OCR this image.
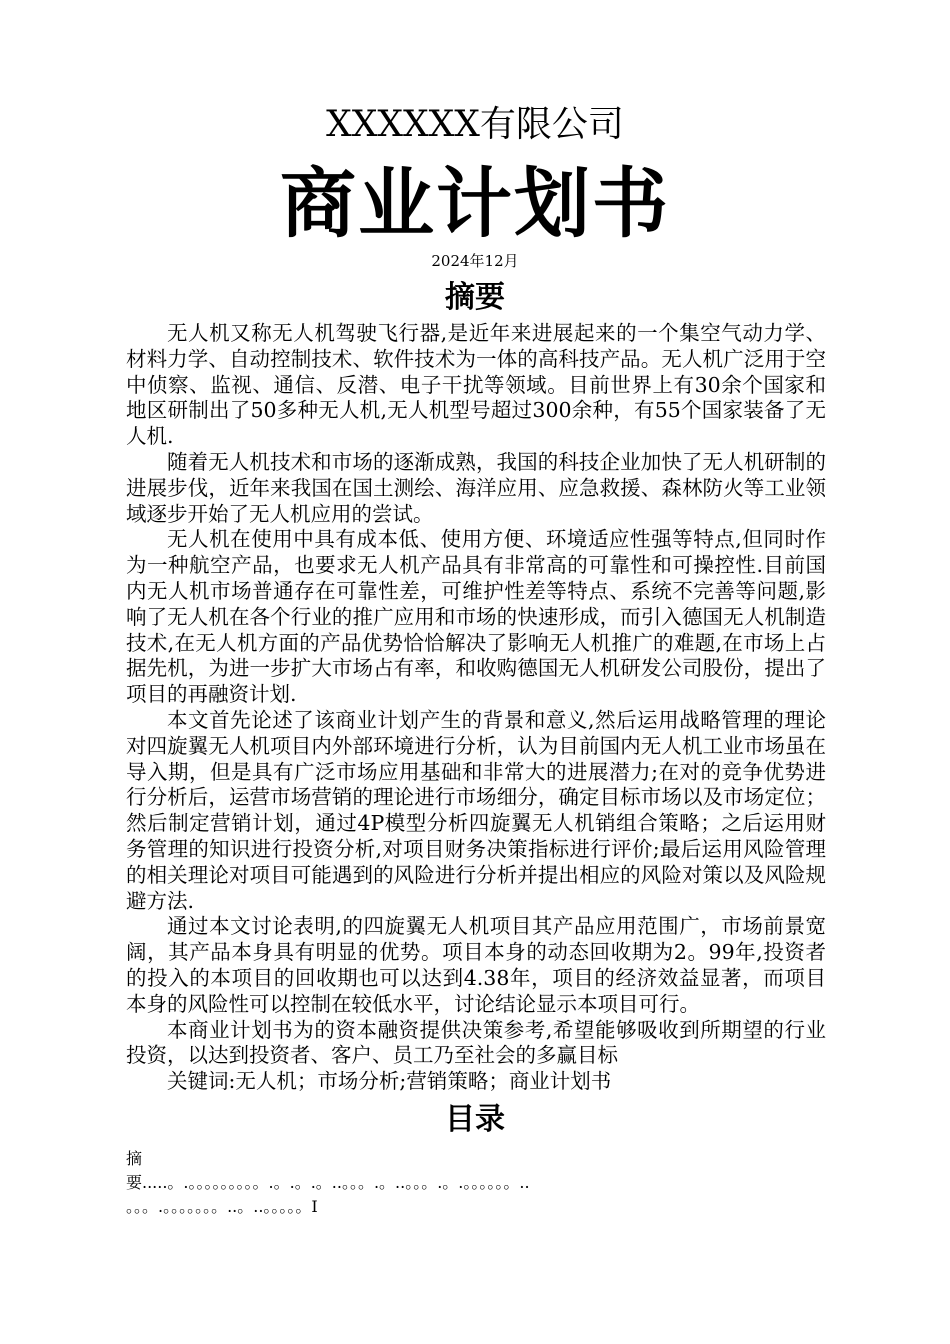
XXXXXX有限公司
商业计划书
2024年12月
摘要

无人机又称无人机驾驶飞行器,是近年来进展起来的一个集空气动力学、材料力学、自动控制技术、软件技术为一体的高科技产品。无人机广泛用于空中侦察、监视、通信、反潜、电子干扰等领域。目前世界上有30余个国家和地区研制出了50多种无人机,无人机型号超过300余种，有55个国家装备了无人机.

随着无人机技术和市场的逐渐成熟，我国的科技企业加快了无人机研制的进展步伐，近年来我国在国土测绘、海洋应用、应急救援、森林防火等工业领域逐步开始了无人机应用的尝试。

无人机在使用中具有成本低、使用方便、环境适应性强等特点,但同时作为一种航空产品，也要求无人机产品具有非常高的可靠性和可操控性.目前国内无人机市场普通存在可靠性差，可维护性差等特点、系统不完善等问题,影响了无人机在各个行业的推广应用和市场的快速形成，而引入德国无人机制造技术,在无人机方面的产品优势恰恰解决了影响无人机推广的难题,在市场上占据先机，为进一步扩大市场占有率，和收购德国无人机研发公司股份，提出了项目的再融资计划.

本文首先论述了该商业计划产生的背景和意义,然后运用战略管理的理论对四旋翼无人机项目内外部环境进行分析，认为目前国内无人机工业市场虽在导入期，但是具有广泛市场应用基础和非常大的进展潜力;在对的竞争优势进行分析后，运营市场营销的理论进行市场细分，确定目标市场以及市场定位；然后制定营销计划，通过4P模型分析四旋翼无人机销组合策略；之后运用财务管理的知识进行投资分析,对项目财务决策指标进行评价;最后运用风险管理的相关理论对项目可能遇到的风险进行分析并提出相应的风险对策以及风险规避方法.

通过本文讨论表明,的四旋翼无人机项目其产品应用范围广，市场前景宽阔，其产品本身具有明显的优势。项目本身的动态回收期为2。99年,投资者的投入的本项目的回收期也可以达到4.38年，项目的经济效益显著，而项目本身的风险性可以控制在较低水平，讨论结论显示本项目可行。

本商业计划书为的资本融资提供决策参考,希望能够吸收到所期望的行业投资，以达到投资者、客户、员工乃至社会的多赢目标

关键词:无人机；市场分析;营销策略；商业计划书

目录
摘
要.....。.。。。。。。。。。.。.。.。..。。。.。..。。。.。.。。。。。。..
。。。.。。。。。。。..。..。。。。。I
